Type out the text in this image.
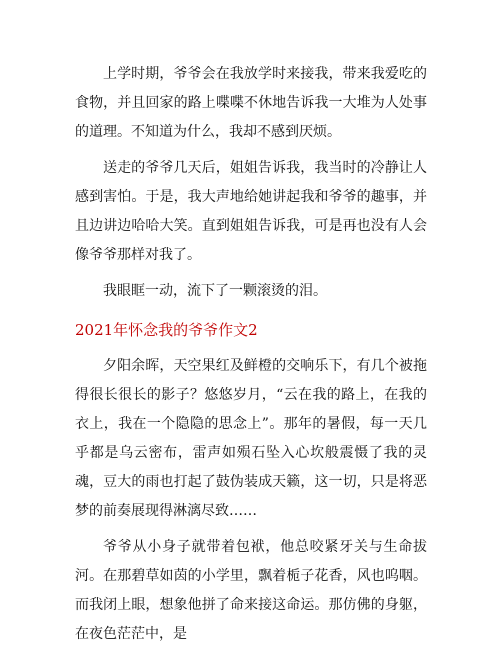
上学时期，爷爷会在我放学时来接我，带来我爱吃的食物，并且回家的路上喋喋不休地告诉我一大堆为人处事的道理。不知道为什么，我却不感到厌烦。

送走的爷爷几天后，姐姐告诉我，我当时的冷静让人感到害怕。于是，我大声地给她讲起我和爷爷的趣事，并且边讲边哈哈大笑。直到姐姐告诉我，可是再也没有人会像爷爷那样对我了。

我眼眶一动，流下了一颗滚烫的泪。

2021年怀念我的爷爷作文2

夕阳余晖，天空果红及鲜橙的交响乐下，有几个被拖得很长很长的影子？悠悠岁月，“云在我的路上，在我的衣上，我在一个隐隐的思念上”。那年的暑假，每一天几乎都是乌云密布，雷声如殒石坠入心坎般震慑了我的灵魂，豆大的雨也打起了鼓伪装成天籁，这一切，只是将恶梦的前奏展现得淋漓尽致……

爷爷从小身子就带着包袱，他总咬紧牙关与生命拔河。在那碧草如茵的小学里，飘着栀子花香，风也呜咽。而我闭上眼，想象他拼了命来接这命运。那仿佛的身躯，在夜色茫茫中，是
